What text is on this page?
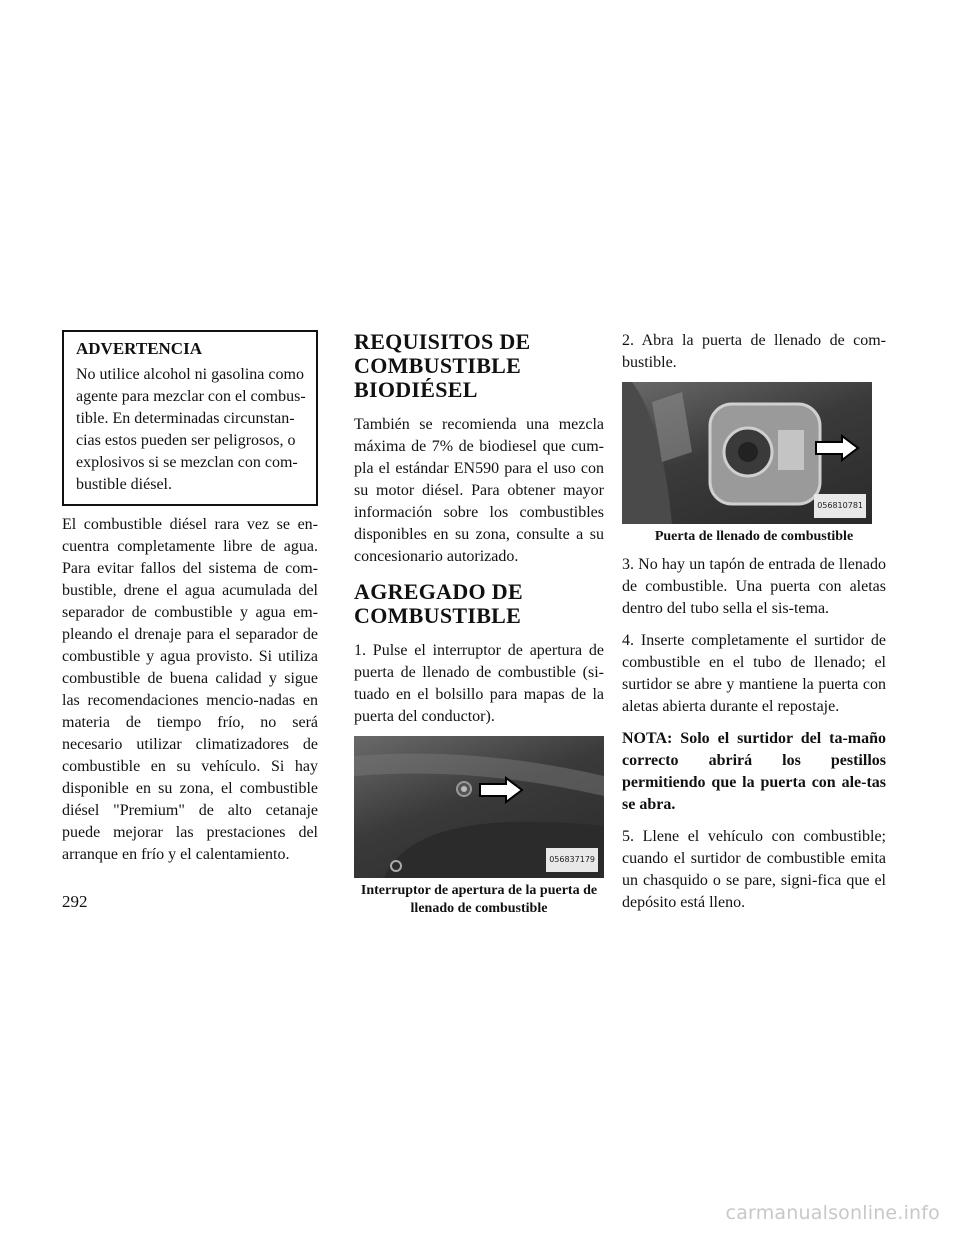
ADVERTENCIA

No utilice alcohol ni gasolina como agente para mezclar con el combus-tible. En determinadas circunstan-cias estos pueden ser peligrosos, o explosivos si se mezclan con com-bustible diésel.

El combustible diésel rara vez se en-cuentra completamente libre de agua. Para evitar fallos del sistema de com-bustible, drene el agua acumulada del separador de combustible y agua em-pleando el drenaje para el separador de combustible y agua provisto. Si utiliza combustible de buena calidad y sigue las recomendaciones mencio-nadas en materia de tiempo frío, no será necesario utilizar climatizadores de combustible en su vehículo. Si hay disponible en su zona, el combustible diésel "Premium" de alto cetanaje puede mejorar las prestaciones del arranque en frío y el calentamiento.

REQUISITOS DE COMBUSTIBLE BIODIÉSEL

También se recomienda una mezcla máxima de 7% de biodiesel que cum-pla el estándar EN590 para el uso con su motor diésel. Para obtener mayor información sobre los combustibles disponibles en su zona, consulte a su concesionario autorizado.

AGREGADO DE COMBUSTIBLE

1. Pulse el interruptor de apertura de puerta de llenado de combustible (si-tuado en el bolsillo para mapas de la puerta del conductor).

056837179
Interruptor de apertura de la puerta de llenado de combustible

2. Abra la puerta de llenado de com-bustible.

056810781
Puerta de llenado de combustible

3. No hay un tapón de entrada de llenado de combustible. Una puerta con aletas dentro del tubo sella el sis-tema.

4. Inserte completamente el surtidor de combustible en el tubo de llenado; el surtidor se abre y mantiene la puerta con aletas abierta durante el repostaje.

NOTA: Solo el surtidor del ta-maño correcto abrirá los pestillos permitiendo que la puerta con ale-tas se abra.

5. Llene el vehículo con combustible; cuando el surtidor de combustible emita un chasquido o se pare, signi-fica que el depósito está lleno.

292
carmanualsonline.info
